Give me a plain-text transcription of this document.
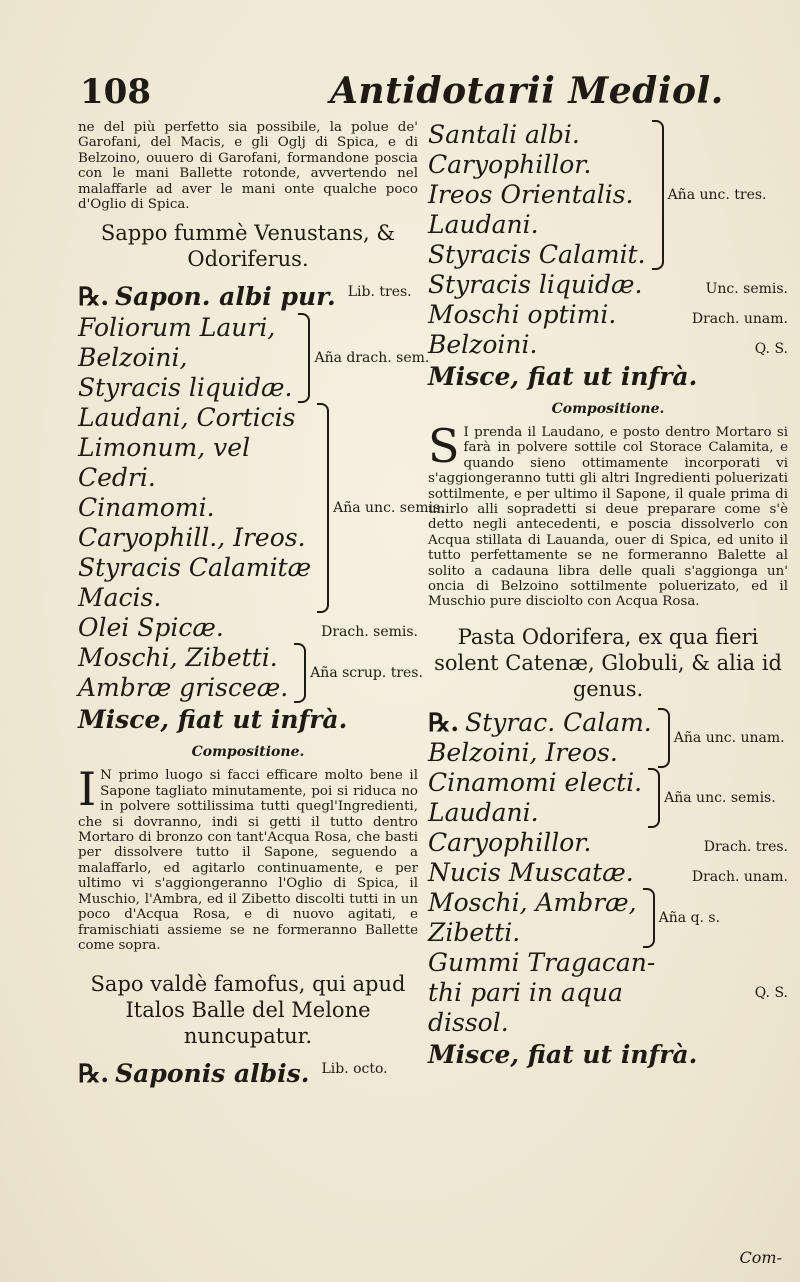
108	Antidotarii Mediol.

ne del più perfetto sia possibile, la polue de' Garofani, del Macis, e gli Oglj di Spica, e di Belzoino, ouuero di Garofani, formandone poscia con le mani Ballette rotonde, avvertendo nel malaffarle ad aver le mani onte qualche poco d'Oglio di Spica.

Sappo fummè Venustans, & Odoriferus.
℞. Sapon. albi pur. $^{Lib. tres.}$
Foliorum Lauri,
Belzoini,
Styracis liquidæ.
Aña drach. sem.
Laudani, Corticis
Limonum, vel
Cedri.
Cinamomi.
Caryophill., Ireos.
Styracis Calamitæ
Macis.
Aña unc. semis.
Olei Spicæ.	Drach. semis.
Moschi, Zibetti.
Ambræ grisceæ. Aña scrup. tres.
Misce, fiat ut infrà.
Compositione.

I N primo luogo si facci efficare molto bene il Sapone tagliato minutamente, poi si riduca no in polvere sottilissima tutti quegl'Ingredienti, che si dovranno, indi si getti il tutto dentro Mortaro di bronzo con tant'Acqua Rosa, che basti per dissolvere tutto il Sapone, seguendo a malaffarlo, ed agitarlo continuamente, e per ultimo vi s'aggiongeranno l'Oglio di Spica, il Muschio, l'Ambra, ed il Zibetto discolti tutti in un poco d'Acqua Rosa, e di nuovo agitati, e framischiati assieme se ne formeranno Ballette come sopra.

Sapo valdè famofus, qui apud Italos Balle del Melone nuncupatur.
℞. Saponis albis. $^{Lib. octo.}$
Santali albi.
Caryophillor.
Ireos Orientalis.
Laudani.
Styracis Calamit.
Aña unc. tres.
Styracis liquidæ.	Unc. semis.
Moschi optimi.	Drach. unam.
Belzoini.	Q. S.
Misce, fiat ut infrà.
Compositione.

S I prenda il Laudano, e posto dentro Mortaro si farà in polvere sottile col Storace Calamita, e quando sieno ottimamente incorporati vi s'aggiongeranno tutti gli altri Ingredienti poluerizati sottilmente, e per ultimo il Sapone, il quale prima di unirlo alli sopradetti si deue preparare come s'è detto negli antecedenti, e poscia dissolverlo con Acqua stillata di Lauanda, ouer di Spica, ed unito il tutto perfettamente se ne formeranno Balette al solito a cadauna libra delle quali s'aggionga un' oncia di Belzoino sottilmente poluerizato, ed il Muschio pure disciolto con Acqua Rosa.

Pasta Odorifera, ex qua fieri solent Catenæ, Globuli, & alia id genus.
℞. Styrac. Calam.
Belzoini, Ireos.	Aña unc. unam.
Cinamomi electi.
Laudani.	Aña unc. semis.
Caryophillor.	Drach. tres.
Nucis Muscatæ.	Drach. unam.
Moschi, Ambræ,
Zibetti.	Aña q. s.
Gummi Tragacan-
thi pari in aqua
dissol.
Q. S.
Misce, fiat ut infrà.
Com-
